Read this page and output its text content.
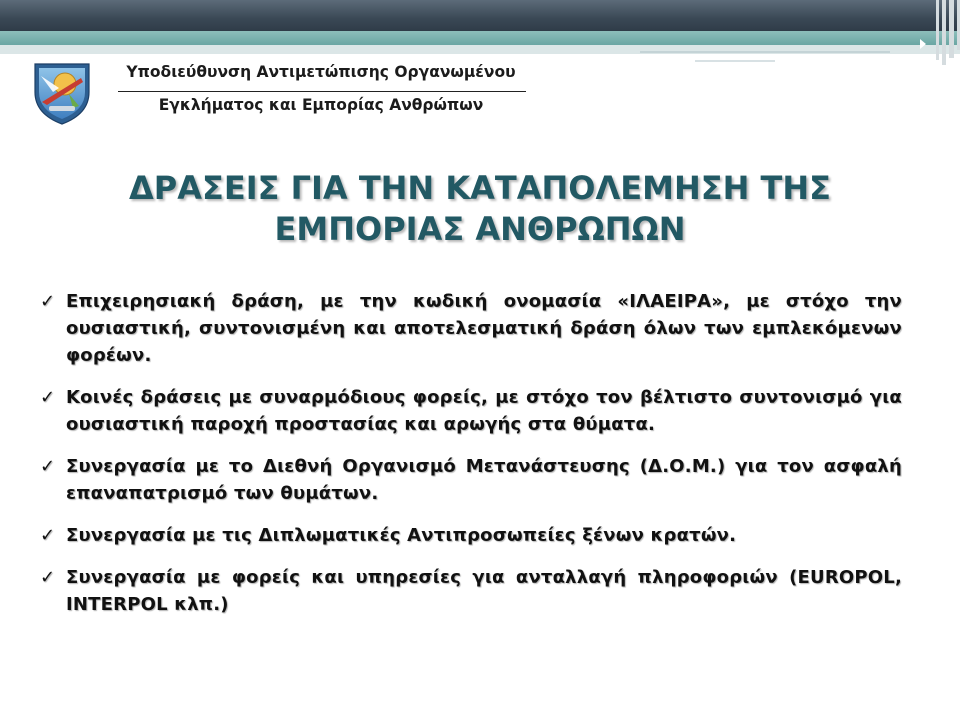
Υποδιεύθυνση Αντιμετώπισης Οργανωμένου
Εγκλήματος και Εμπορίας Ανθρώπων
ΔΡΑΣΕΙΣ ΓΙΑ ΤΗΝ ΚΑΤΑΠΟΛΕΜΗΣΗ ΤΗΣ
ΕΜΠΟΡΙΑΣ ΑΝΘΡΩΠΩΝ
✓ Επιχειρησιακή δράση, με την κωδική ονομασία «ΙΛΑΕΙΡΑ», με στόχο την ουσιαστική, συντονισμένη και αποτελεσματική δράση όλων των εμπλεκόμενων φορέων.
✓ Κοινές δράσεις με συναρμόδιους φορείς, με στόχο τον βέλτιστο συντονισμό για ουσιαστική παροχή προστασίας και αρωγής στα θύματα.
✓ Συνεργασία με το Διεθνή Οργανισμό Μετανάστευσης (Δ.Ο.Μ.) για τον ασφαλή επαναπατρισμό των θυμάτων.
✓ Συνεργασία με τις Διπλωματικές Αντιπροσωπείες ξένων κρατών.
✓ Συνεργασία με φορείς και υπηρεσίες για ανταλλαγή πληροφοριών (EUROPOL, INTERPOL κλπ.)
